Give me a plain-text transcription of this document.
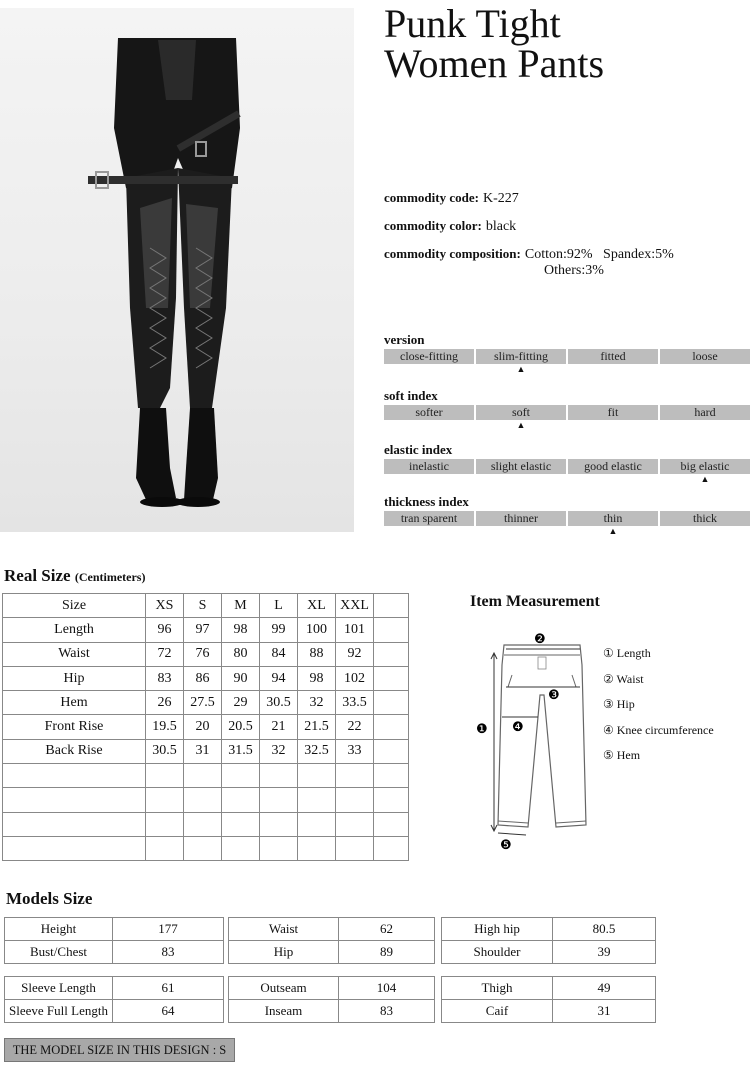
Punk Tight
Women Pants
commodity code: K-227
commodity color: black
commodity composition: Cotton:92%   Spandex:5%
Others:3%
version
close-fitting	slim-fitting	fitted	loose
▲
soft index
softer	soft	fit	hard
▲
elastic index
inelastic	slight elastic	good elastic	big elastic
▲
thickness index
tran sparent	thinner	thin	thick
▲
Real Size (Centimeters)
Size	XS	S	M	L	XL	XXL	
Length	96	97	98	99	100	101	
Waist	72	76	80	84	88	92	
Hip	83	86	90	94	98	102	
Hem	26	27.5	29	30.5	32	33.5	
Front Rise	19.5	20	20.5	21	21.5	22	
Back Rise	30.5	31	31.5	32	32.5	33	

Item Measurement
❶
❷
❸
❹
❺
① Length
② Waist
③ Hip
④ Knee circumference
⑤ Hem
Models Size
Height	177
Bust/Chest	83
Waist	62
Hip	89
High hip	80.5
Shoulder	39
Sleeve Length	61
Sleeve Full Length	64
Outseam	104
Inseam	83
Thigh	49
Caif	31
THE MODEL SIZE IN THIS DESIGN : S
